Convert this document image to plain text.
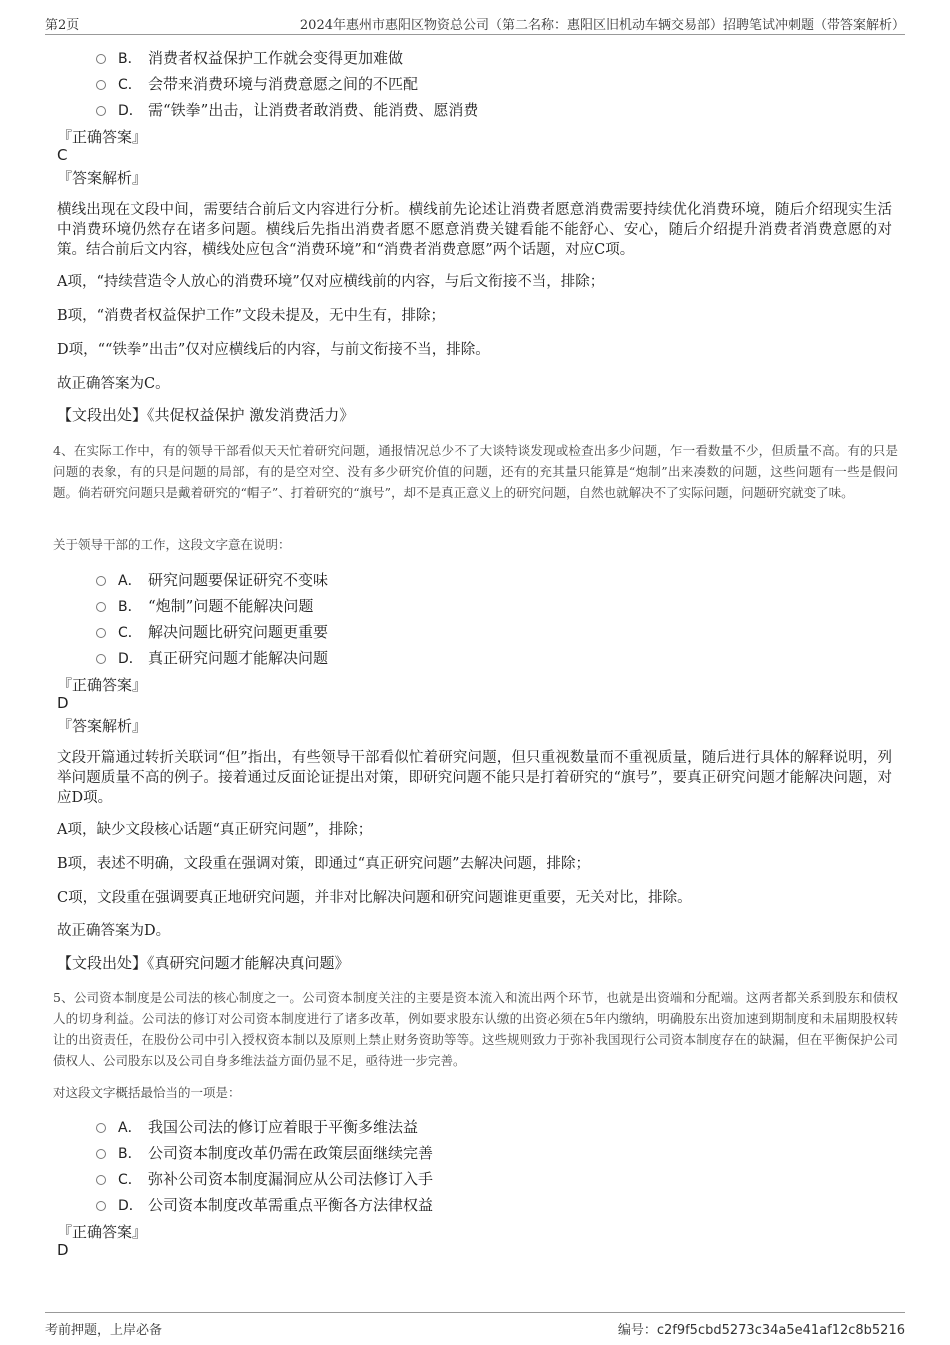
第2页	2024年惠州市惠阳区物资总公司（第二名称：惠阳区旧机动车辆交易部）招聘笔试冲刺题（带答案解析）
B． 消费者权益保护工作就会变得更加难做
C． 会带来消费环境与消费意愿之间的不匹配
D． 需“铁拳”出击，让消费者敢消费、能消费、愿消费
『正确答案』
C
『答案解析』
横线出现在文段中间，需要结合前后文内容进行分析。横线前先论述让消费者愿意消费需要持续优化消费环境，随后介绍现实生活中消费环境仍然存在诸多问题。横线后先指出消费者愿不愿意消费关键看能不能舒心、安心，随后介绍提升消费者消费意愿的对策。结合前后文内容，横线处应包含“消费环境”和“消费者消费意愿”两个话题，对应C项。
A项，“持续营造令人放心的消费环境”仅对应横线前的内容，与后文衔接不当，排除；
B项，“消费者权益保护工作”文段未提及，无中生有，排除；
D项，““铁拳”出击”仅对应横线后的内容，与前文衔接不当，排除。
故正确答案为C。
【文段出处】《共促权益保护 激发消费活力》
4、在实际工作中，有的领导干部看似天天忙着研究问题，通报情况总少不了大谈特谈发现或检查出多少问题，乍一看数量不少，但质量不高。有的只是问题的表象，有的只是问题的局部，有的是空对空、没有多少研究价值的问题，还有的充其量只能算是“炮制”出来凑数的问题，这些问题有一些是假问题。倘若研究问题只是戴着研究的“帽子”、打着研究的“旗号”，却不是真正意义上的研究问题，自然也就解决不了实际问题，问题研究就变了味。
关于领导干部的工作，这段文字意在说明：
A． 研究问题要保证研究不变味
B． “炮制”问题不能解决问题
C． 解决问题比研究问题更重要
D． 真正研究问题才能解决问题
『正确答案』
D
『答案解析』
文段开篇通过转折关联词“但”指出，有些领导干部看似忙着研究问题，但只重视数量而不重视质量，随后进行具体的解释说明，列举问题质量不高的例子。接着通过反面论证提出对策，即研究问题不能只是打着研究的“旗号”，要真正研究问题才能解决问题，对应D项。
A项，缺少文段核心话题“真正研究问题”，排除；
B项，表述不明确，文段重在强调对策，即通过“真正研究问题”去解决问题，排除；
C项，文段重在强调要真正地研究问题，并非对比解决问题和研究问题谁更重要，无关对比，排除。
故正确答案为D。
【文段出处】《真研究问题才能解决真问题》
5、公司资本制度是公司法的核心制度之一。公司资本制度关注的主要是资本流入和流出两个环节，也就是出资端和分配端。这两者都关系到股东和债权人的切身利益。公司法的修订对公司资本制度进行了诸多改革，例如要求股东认缴的出资必须在5年内缴纳，明确股东出资加速到期制度和未届期股权转让的出资责任，在股份公司中引入授权资本制以及原则上禁止财务资助等等。这些规则致力于弥补我国现行公司资本制度存在的缺漏，但在平衡保护公司债权人、公司股东以及公司自身多维法益方面仍显不足，亟待进一步完善。
对这段文字概括最恰当的一项是：
A． 我国公司法的修订应着眼于平衡多维法益
B． 公司资本制度改革仍需在政策层面继续完善
C． 弥补公司资本制度漏洞应从公司法修订入手
D． 公司资本制度改革需重点平衡各方法律权益
『正确答案』
D
考前押题，上岸必备	编号：c2f9f5cbd5273c34a5e41af12c8b5216
